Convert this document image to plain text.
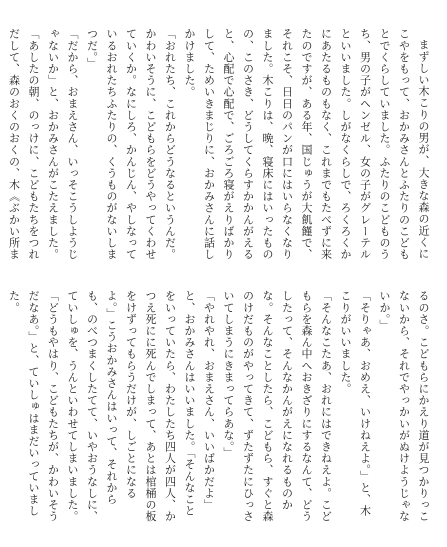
まずしい木こりの男が、大きな森の近くにこやをもって、おかみさんとふたりのこどもとでくらしていました。ふたりのこどものうち、男の子がヘンゼル、女の子がグレーテルといいました。しがなくらしで、ろくろくかにあたるものもなく、これまでもたべずに来たのですが、ある年、国じゅうが大飢饉で、それこそ、日日のパンが口にはいらなくなりました。木こりは、晩、寝床にはいったものの、このさき、どうしてくらすかかんがえると、心配で心配で、ごろごろ寝がえりばかりして、ためいきまじりに、おかみさんに話しかけました。

「おれたち、これからどうなるというんだ。かわいそうに、こどもらをどうやってくわせていくか。なにしろ、かんじん、やしなっているおれたちふたりの、くうものがないしまつだ。」

「だから、おまえさん、いっそこうしようじゃないか」と、おかみさんがこたえました。

「あしたの朝、のっけに、こどもたちをつれだして、森のおくのおくの、木《ぶかい所ま

るのさ。こどもらにかえり道が見つかりっこないから、それでやっかいがぬけようじゃないか。」

「そりゃあ、おめえ、いけねえよ。」と、木こりがいいました。

「そんなこたあ、おれにはできねえよ。こどもらを森ん中へおきざりにするなんて、どうしたって、そんなかんがえになれるものかな。そんなことしたら、こどもら、すぐと森のけだものがやってきて、ずたずたにひっさいてしまうにきまってらあな。」

「やれやれ、おまえさん、いいばかだよ」と、おかみさんはいいました。「そんなことをいっていたら、わたしたち四人が四人、かつえ死にに死んでしまって、あとは棺桶の板をけずってもらうだけが、しごとになるよ。」こうおかみさんはいって、それからも、のべつまくしたてて、いやおうなしに、ていしゅを、うんといわせてしまいました。

「どうもやはり、こどもたちが、かわいそうだなあ。」と、ていしゅはまだいっていました。
